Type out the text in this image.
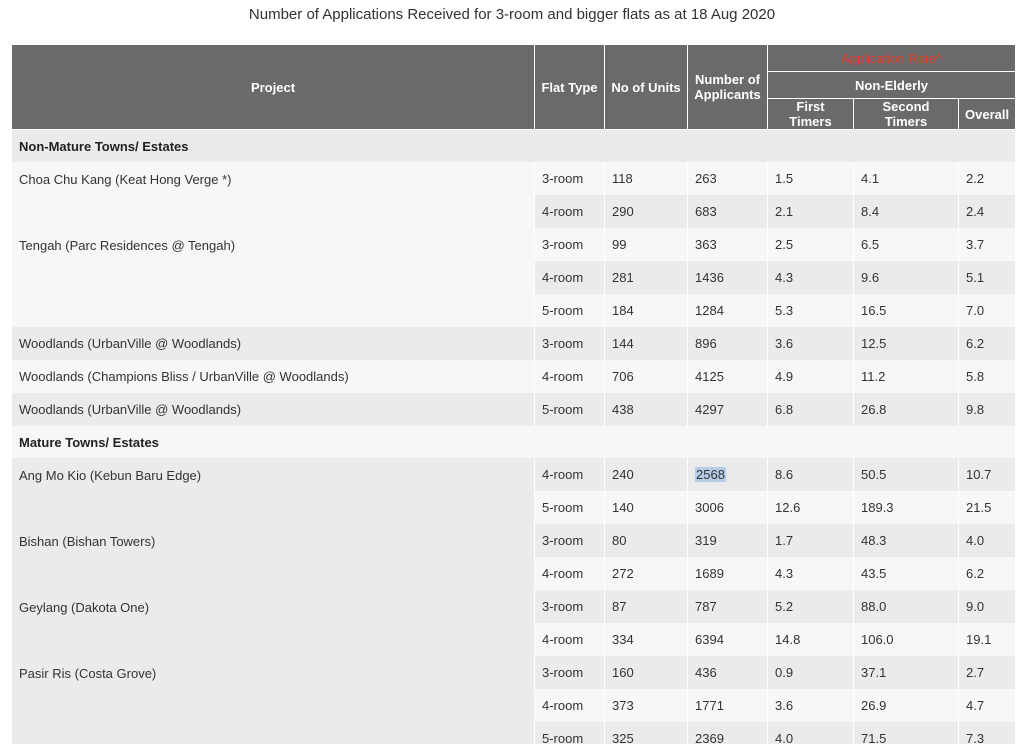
Number of Applications Received for 3-room and bigger flats as at 18 Aug 2020
Project	Flat Type	No of Units	Number of Applicants	Application Rate^		
				Non-Elderly		
				First Timers	Second Timers	Overall
Non-Mature Towns/ Estates						
Choa Chu Kang (Keat Hong Verge *)	3-room	118	263	1.5	4.1	2.2
	4-room	290	683	2.1	8.4	2.4
Tengah (Parc Residences @ Tengah)	3-room	99	363	2.5	6.5	3.7
	4-room	281	1436	4.3	9.6	5.1
	5-room	184	1284	5.3	16.5	7.0
Woodlands (UrbanVille @ Woodlands)	3-room	144	896	3.6	12.5	6.2
Woodlands (Champions Bliss / UrbanVille @ Woodlands)	4-room	706	4125	4.9	11.2	5.8
Woodlands (UrbanVille @ Woodlands)	5-room	438	4297	6.8	26.8	9.8
Mature Towns/ Estates						
Ang Mo Kio (Kebun Baru Edge)	4-room	240	2568	8.6	50.5	10.7
	5-room	140	3006	12.6	189.3	21.5
Bishan (Bishan Towers)	3-room	80	319	1.7	48.3	4.0
	4-room	272	1689	4.3	43.5	6.2
Geylang (Dakota One)	3-room	87	787	5.2	88.0	9.0
	4-room	334	6394	14.8	106.0	19.1
Pasir Ris (Costa Grove)	3-room	160	436	0.9	37.1	2.7
	4-room	373	1771	3.6	26.9	4.7
	5-room	325	2369	4.0	71.5	7.3
